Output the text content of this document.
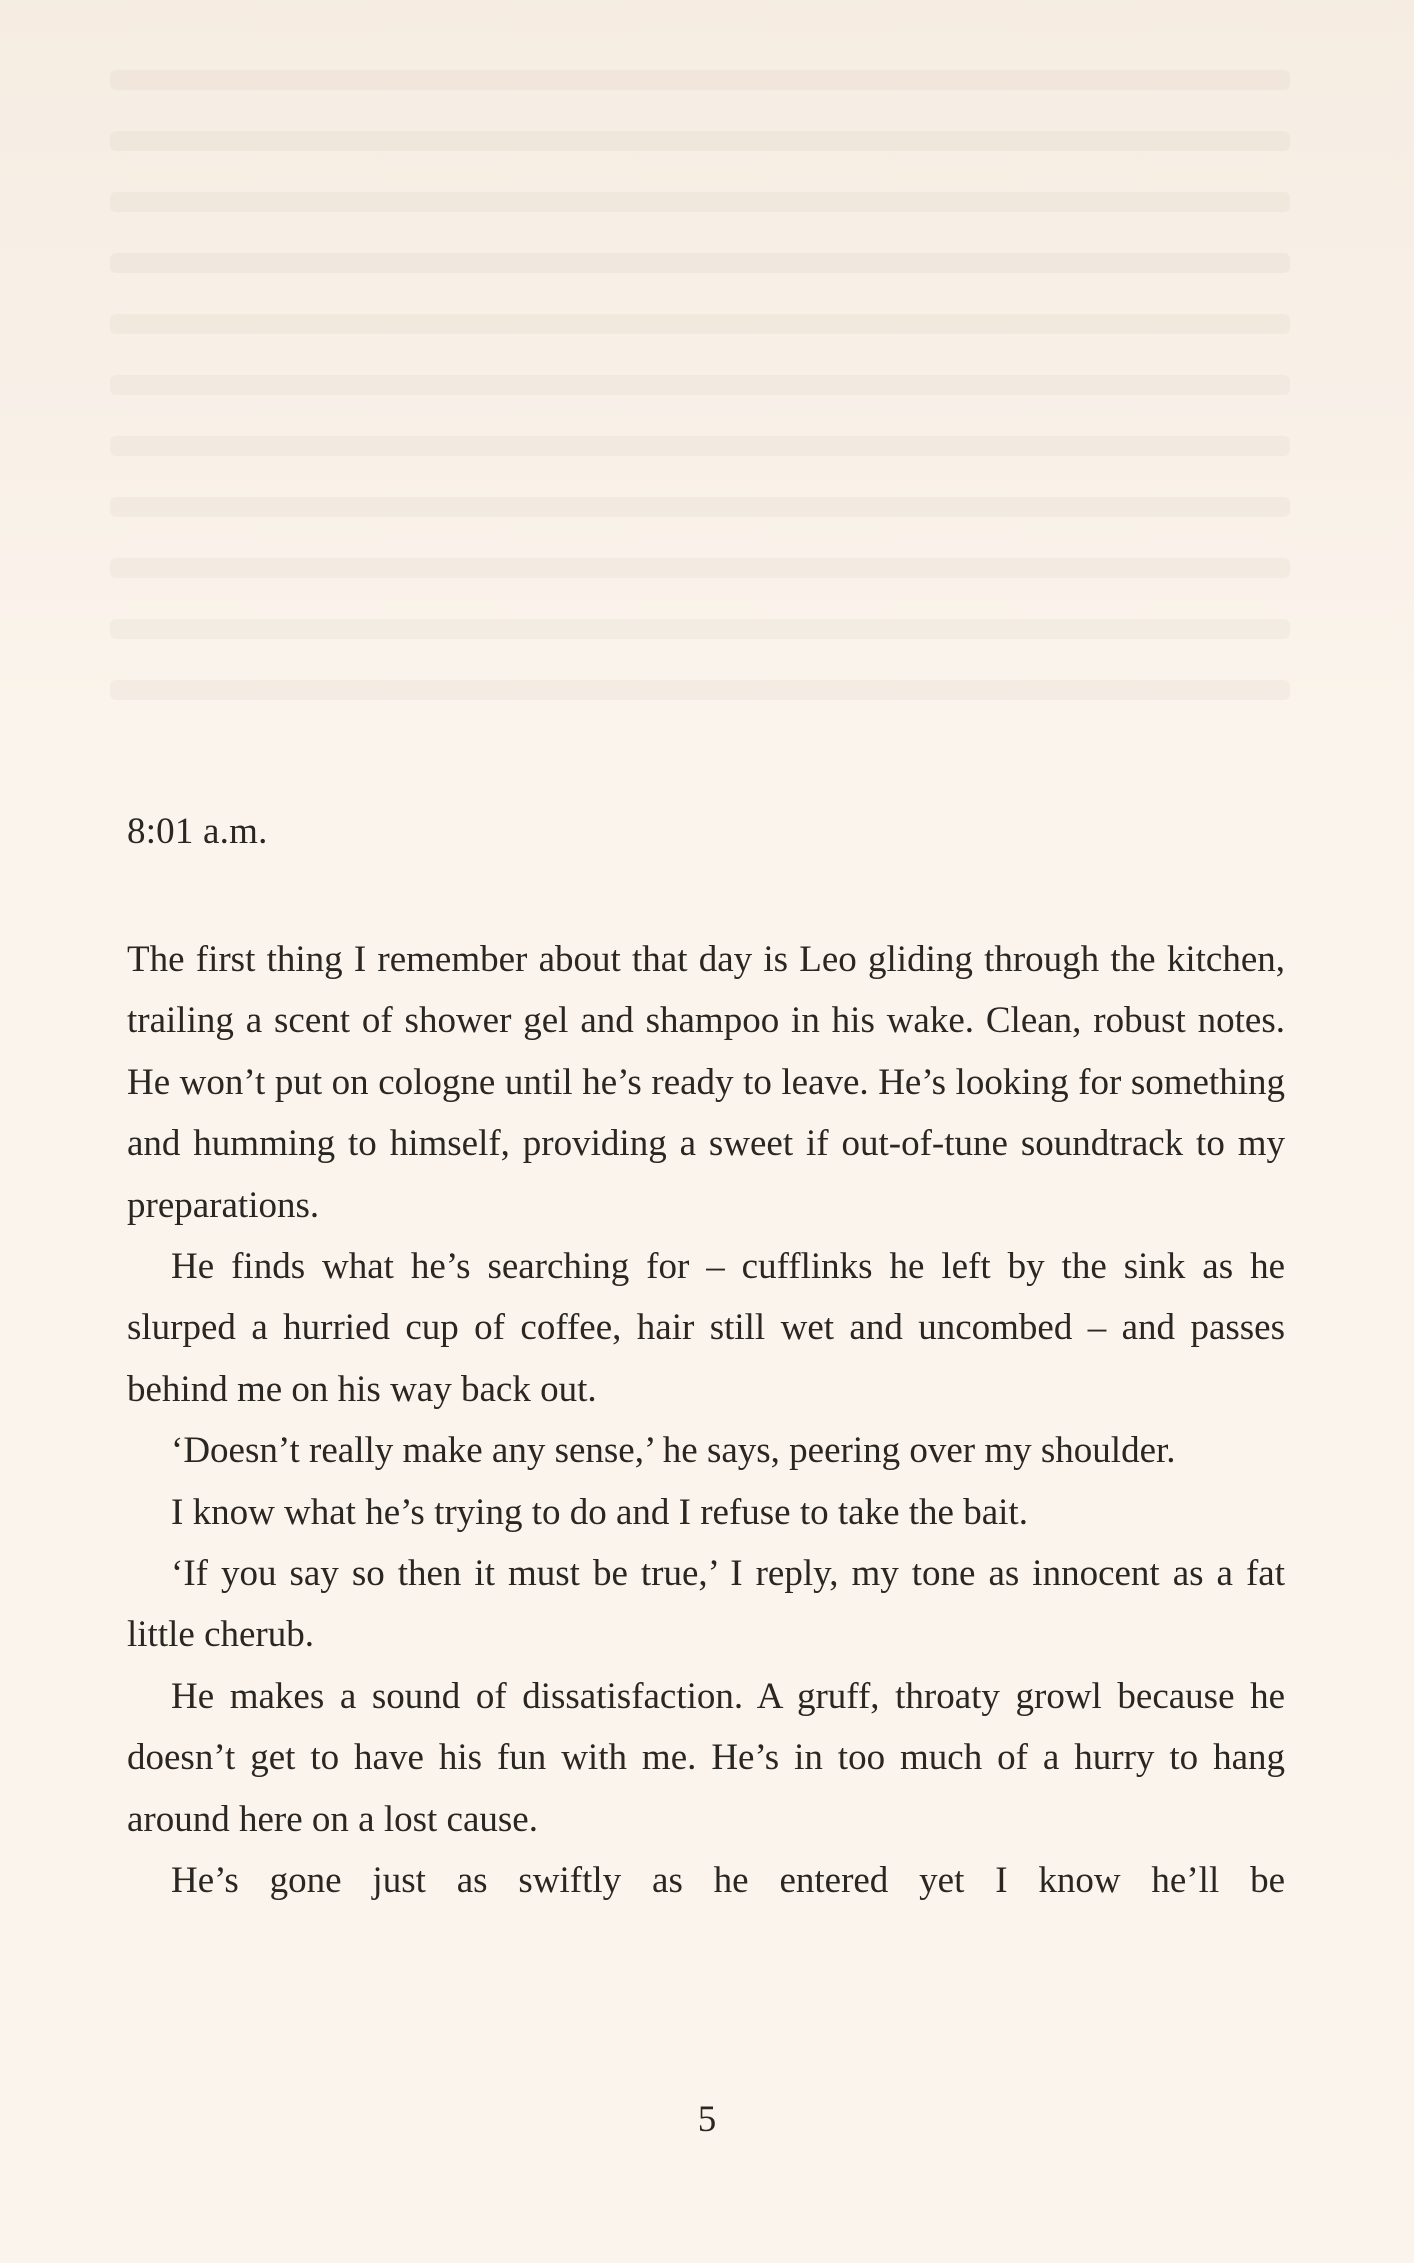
8:01 a.m.

The first thing I remember about that day is Leo gliding through the kitchen, trailing a scent of shower gel and shampoo in his wake. Clean, robust notes. He won’t put on cologne until he’s ready to leave. He’s looking for something and humming to himself, providing a sweet if out-of-tune soundtrack to my preparations.

He finds what he’s searching for – cufflinks he left by the sink as he slurped a hurried cup of coffee, hair still wet and uncombed – and passes behind me on his way back out.

‘Doesn’t really make any sense,’ he says, peering over my shoulder.

I know what he’s trying to do and I refuse to take the bait.

‘If you say so then it must be true,’ I reply, my tone as innocent as a fat little cherub.

He makes a sound of dissatisfaction. A gruff, throaty growl because he doesn’t get to have his fun with me. He’s in too much of a hurry to hang around here on a lost cause.

He’s gone just as swiftly as he entered yet I know he’ll be

5
